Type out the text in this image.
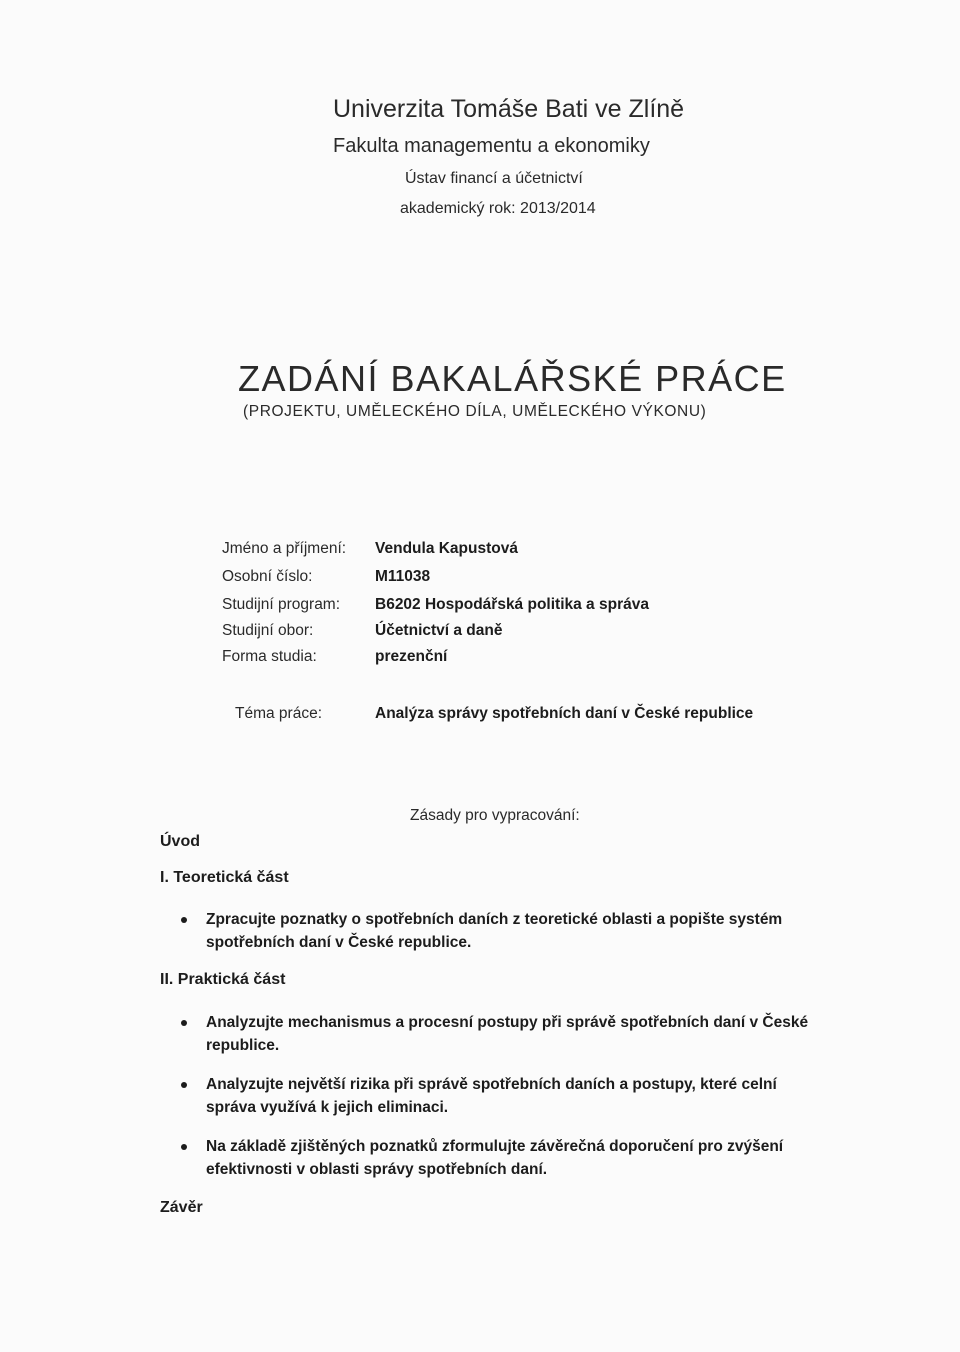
Univerzita Tomáše Bati ve Zlíně
Fakulta managementu a ekonomiky
Ústav financí a účetnictví
akademický rok: 2013/2014
ZADÁNÍ BAKALÁŘSKÉ PRÁCE
(PROJEKTU, UMĚLECKÉHO DÍLA, UMĚLECKÉHO VÝKONU)
Jméno a příjmení: Vendula Kapustová
Osobní číslo:	M11038
Studijní program: B6202 Hospodářská politika a správa
Studijní obor:	Účetnictví a daně
Forma studia:	prezenční
Téma práce:	Analýza správy spotřebních daní v České republice
Zásady pro vypracování:
Úvod
I. Teoretická část
Zpracujte poznatky o spotřebních daních z teoretické oblasti a popište systém
spotřebních daní v České republice.
II. Praktická část
Analyzujte mechanismus a procesní postupy při správě spotřebních daní v České
republice.
Analyzujte největší rizika při správě spotřebních daních a postupy, které celní
správa využívá k jejich eliminaci.
Na základě zjištěných poznatků zformulujte závěrečná doporučení pro zvýšení
efektivnosti v oblasti správy spotřebních daní.
Závěr
